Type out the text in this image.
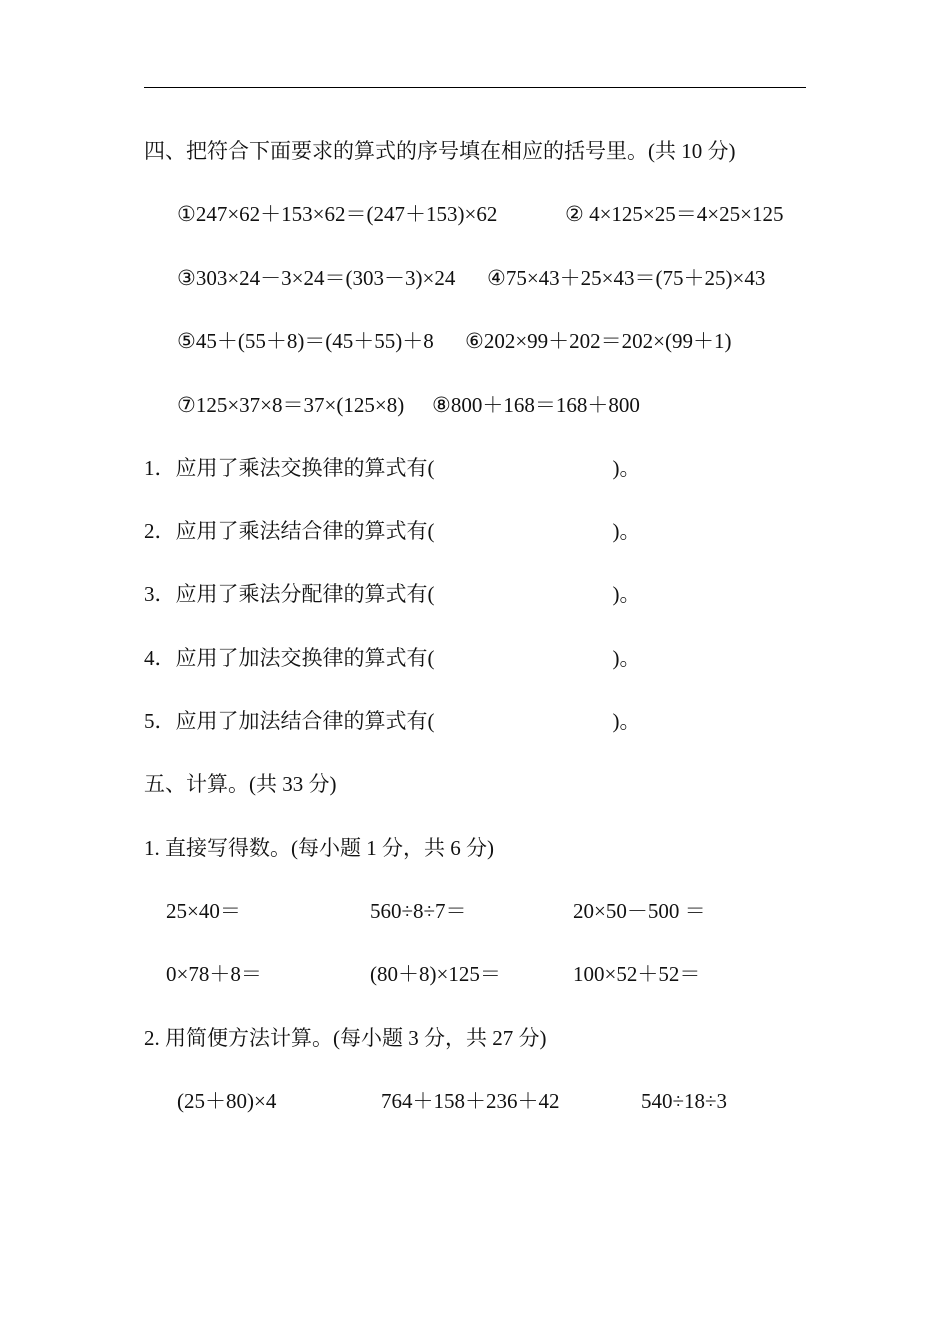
四、把符合下面要求的算式的序号填在相应的括号里。(共 10 分)
①247×62＋153×62＝(247＋153)×62	② 4×125×25＝4×25×125
③303×24－3×24＝(303－3)×24 ④75×43＋25×43＝(75＋25)×43
⑤45＋(55＋8)＝(45＋55)＋8 ⑥202×99＋202＝202×(99＋1)
⑦125×37×8＝37×(125×8) ⑧800＋168＝168＋800
1．应用了乘法交换律的算式有(	)。
2．应用了乘法结合律的算式有(	)。
3．应用了乘法分配律的算式有(	)。
4．应用了加法交换律的算式有(	)。
5．应用了加法结合律的算式有(	)。
五、计算。(共 33 分)
1. 直接写得数。(每小题 1 分，共 6 分)
25×40＝	560÷8÷7＝	20×50－500 ＝
0×78＋8＝	(80＋8)×125＝	100×52＋52＝
2. 用简便方法计算。(每小题 3 分，共 27 分)
(25＋80)×4	764＋158＋236＋42	540÷18÷3
